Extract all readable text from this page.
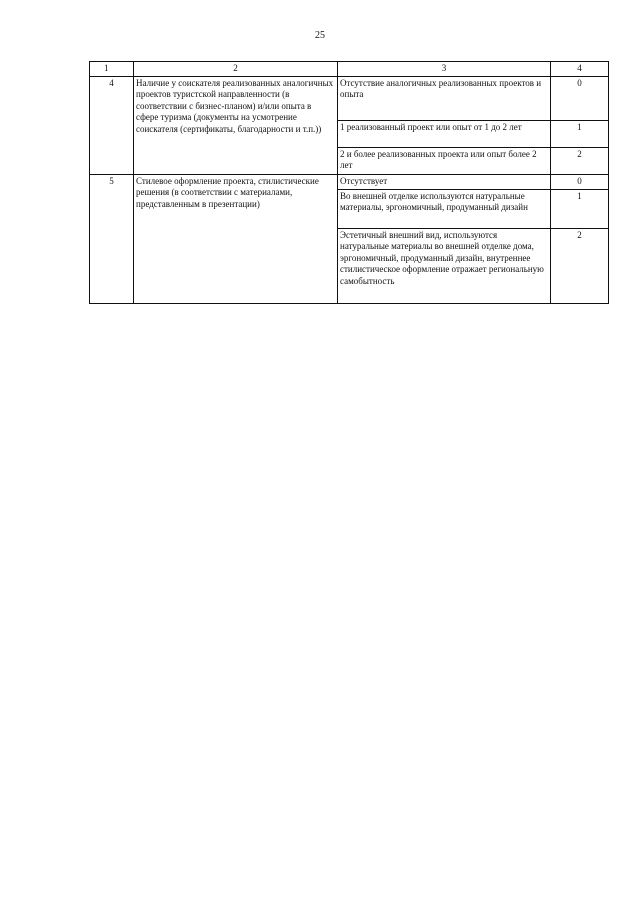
25
1	2	3	4
4	Наличие у соискателя реализованных аналогичных проектов туристской направленности (в соответствии с бизнес-планом) и/или опыта в сфере туризма (документы на усмотрение соискателя (сертификаты, благодарности и т.п.))	Отсутствие аналогичных реализованных проектов и опыта	0
		1 реализованный проект или опыт от 1 до 2 лет	1
		2 и более реализованных проекта или опыт более 2 лет	2
5	Стилевое оформление проекта, стилистические решения (в соответствии с материалами, представленным в презентации)	Отсутствует	0
		Во внешней отделке используются натуральные материалы, эргономичный, продуманный дизайн	1
		Эстетичный внешний вид, используются натуральные материалы во внешней отделке дома, эргономичный, продуманный дизайн, внутреннее стилистическое оформление отражает региональную самобытность	2
